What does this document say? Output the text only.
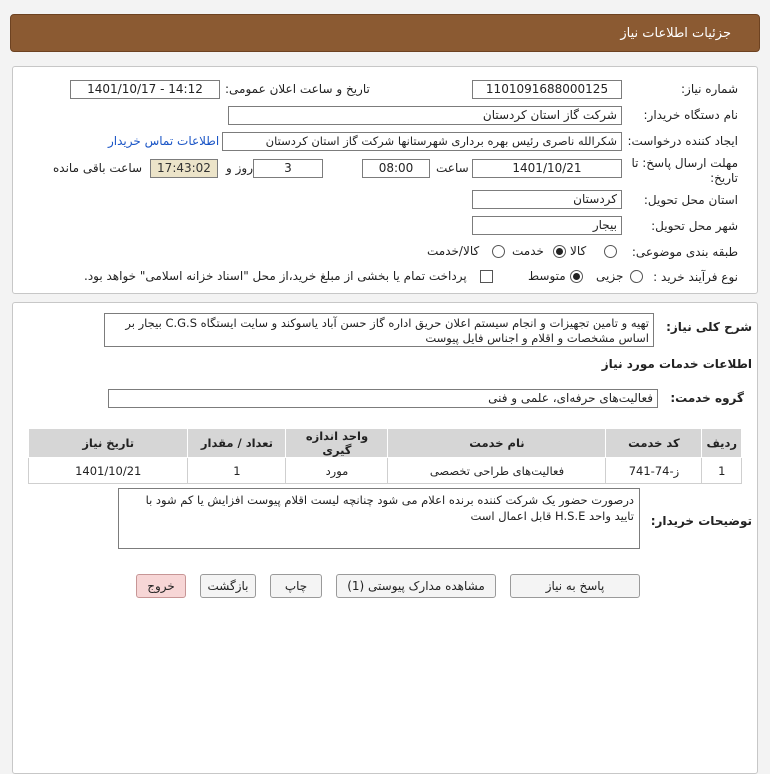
جزئیات اطلاعات نیاز
شماره نیاز:
1101091688000125
تاریخ و ساعت اعلان عمومی:
1401/10/17 - 14:12
نام دستگاه خریدار:
شرکت گاز استان کردستان
ایجاد کننده درخواست:
شکرالله ناصری رئیس بهره برداری شهرستانها شرکت گاز استان کردستان
اطلاعات تماس خریدار
مهلت ارسال پاسخ: تا تاریخ:
1401/10/21
ساعت
08:00
3
روز و
17:43:02
ساعت باقی مانده
استان محل تحویل:
کردستان
شهر محل تحویل:
بیجار
طبقه بندی موضوعی:
کالا
خدمت
کالا/خدمت
نوع فرآیند خرید :
جزیی
متوسط
پرداخت تمام یا بخشی از مبلغ خرید،از محل "اسناد خزانه اسلامی" خواهد بود.
شرح کلی نیاز:
تهیه و تامین تجهیزات و انجام سیستم اعلان حریق اداره گاز حسن آباد یاسوکند و سایت ایستگاه C.G.S بیجار بر اساس مشخصات و اقلام و اجناس فایل پیوست
اطلاعات خدمات مورد نیاز
گروه خدمت:
فعالیت‌های حرفه‌ای، علمی و فنی
ردیف	کد خدمت	نام خدمت	واحد اندازه گیری	تعداد / مقدار	تاریخ نیاز
1	ز-74-741	فعالیت‌های طراحی تخصصی	مورد	1	1401/10/21
توضیحات خریدار:
درصورت حضور یک شرکت کننده برنده اعلام می شود چنانچه لیست اقلام پیوست افزایش یا کم شود با تایید واحد H.S.E قابل اعمال است
پاسخ به نیاز
مشاهده مدارک پیوستی (1)
چاپ
بازگشت
خروج
